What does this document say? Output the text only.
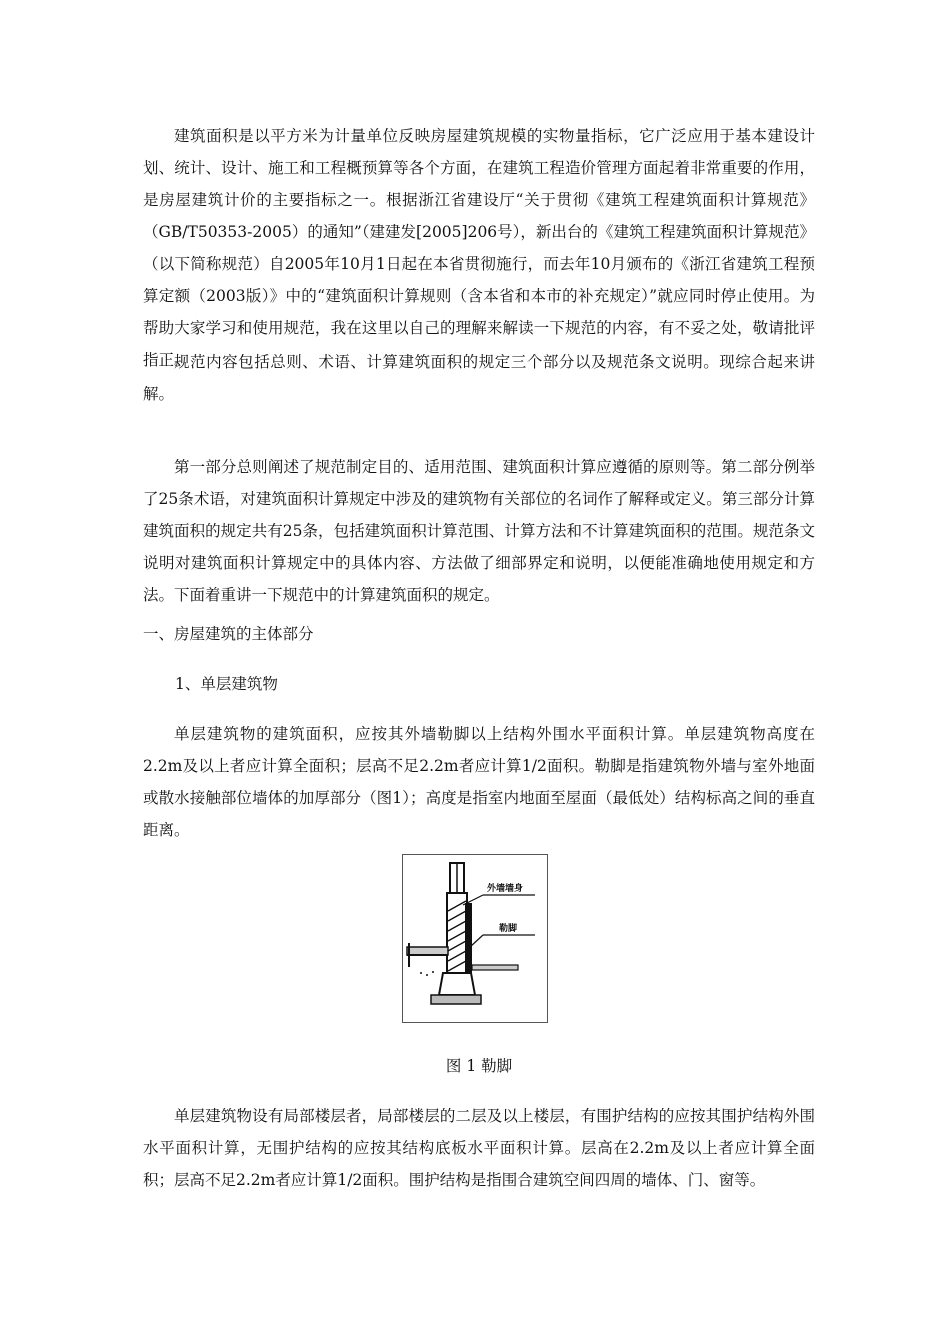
建筑面积是以平方米为计量单位反映房屋建筑规模的实物量指标，它广泛应用于基本建设计划、统计、设计、施工和工程概预算等各个方面，在建筑工程造价管理方面起着非常重要的作用，是房屋建筑计价的主要指标之一。根据浙江省建设厅“关于贯彻《建筑工程建筑面积计算规范》（GB/T50353-2005）的通知”（建建发[2005]206号），新出台的《建筑工程建筑面积计算规范》（以下简称规范）自2005年10月1日起在本省贯彻施行，而去年10月颁布的《浙江省建筑工程预算定额（2003版）》中的“建筑面积计算规则（含本省和本市的补充规定）”就应同时停止使用。为帮助大家学习和使用规范，我在这里以自己的理解来解读一下规范的内容，有不妥之处，敬请批评指正。

规范内容包括总则、术语、计算建筑面积的规定三个部分以及规范条文说明。现综合起来讲解。

第一部分总则阐述了规范制定目的、适用范围、建筑面积计算应遵循的原则等。第二部分例举了25条术语，对建筑面积计算规定中涉及的建筑物有关部位的名词作了解释或定义。第三部分计算建筑面积的规定共有25条，包括建筑面积计算范围、计算方法和不计算建筑面积的范围。规范条文说明对建筑面积计算规定中的具体内容、方法做了细部界定和说明，以便能准确地使用规定和方法。下面着重讲一下规范中的计算建筑面积的规定。

一、房屋建筑的主体部分

1、单层建筑物

单层建筑物的建筑面积，应按其外墙勒脚以上结构外围水平面积计算。单层建筑物高度在2.2m及以上者应计算全面积；层高不足2.2m者应计算1/2面积。勒脚是指建筑物外墙与室外地面或散水接触部位墙体的加厚部分（图1）；高度是指室内地面至屋面（最低处）结构标高之间的垂直距离。

外墙墙身
勒脚

图 1 勒脚

单层建筑物设有局部楼层者，局部楼层的二层及以上楼层，有围护结构的应按其围护结构外围水平面积计算，无围护结构的应按其结构底板水平面积计算。层高在2.2m及以上者应计算全面积；层高不足2.2m者应计算1/2面积。围护结构是指围合建筑空间四周的墙体、门、窗等。
